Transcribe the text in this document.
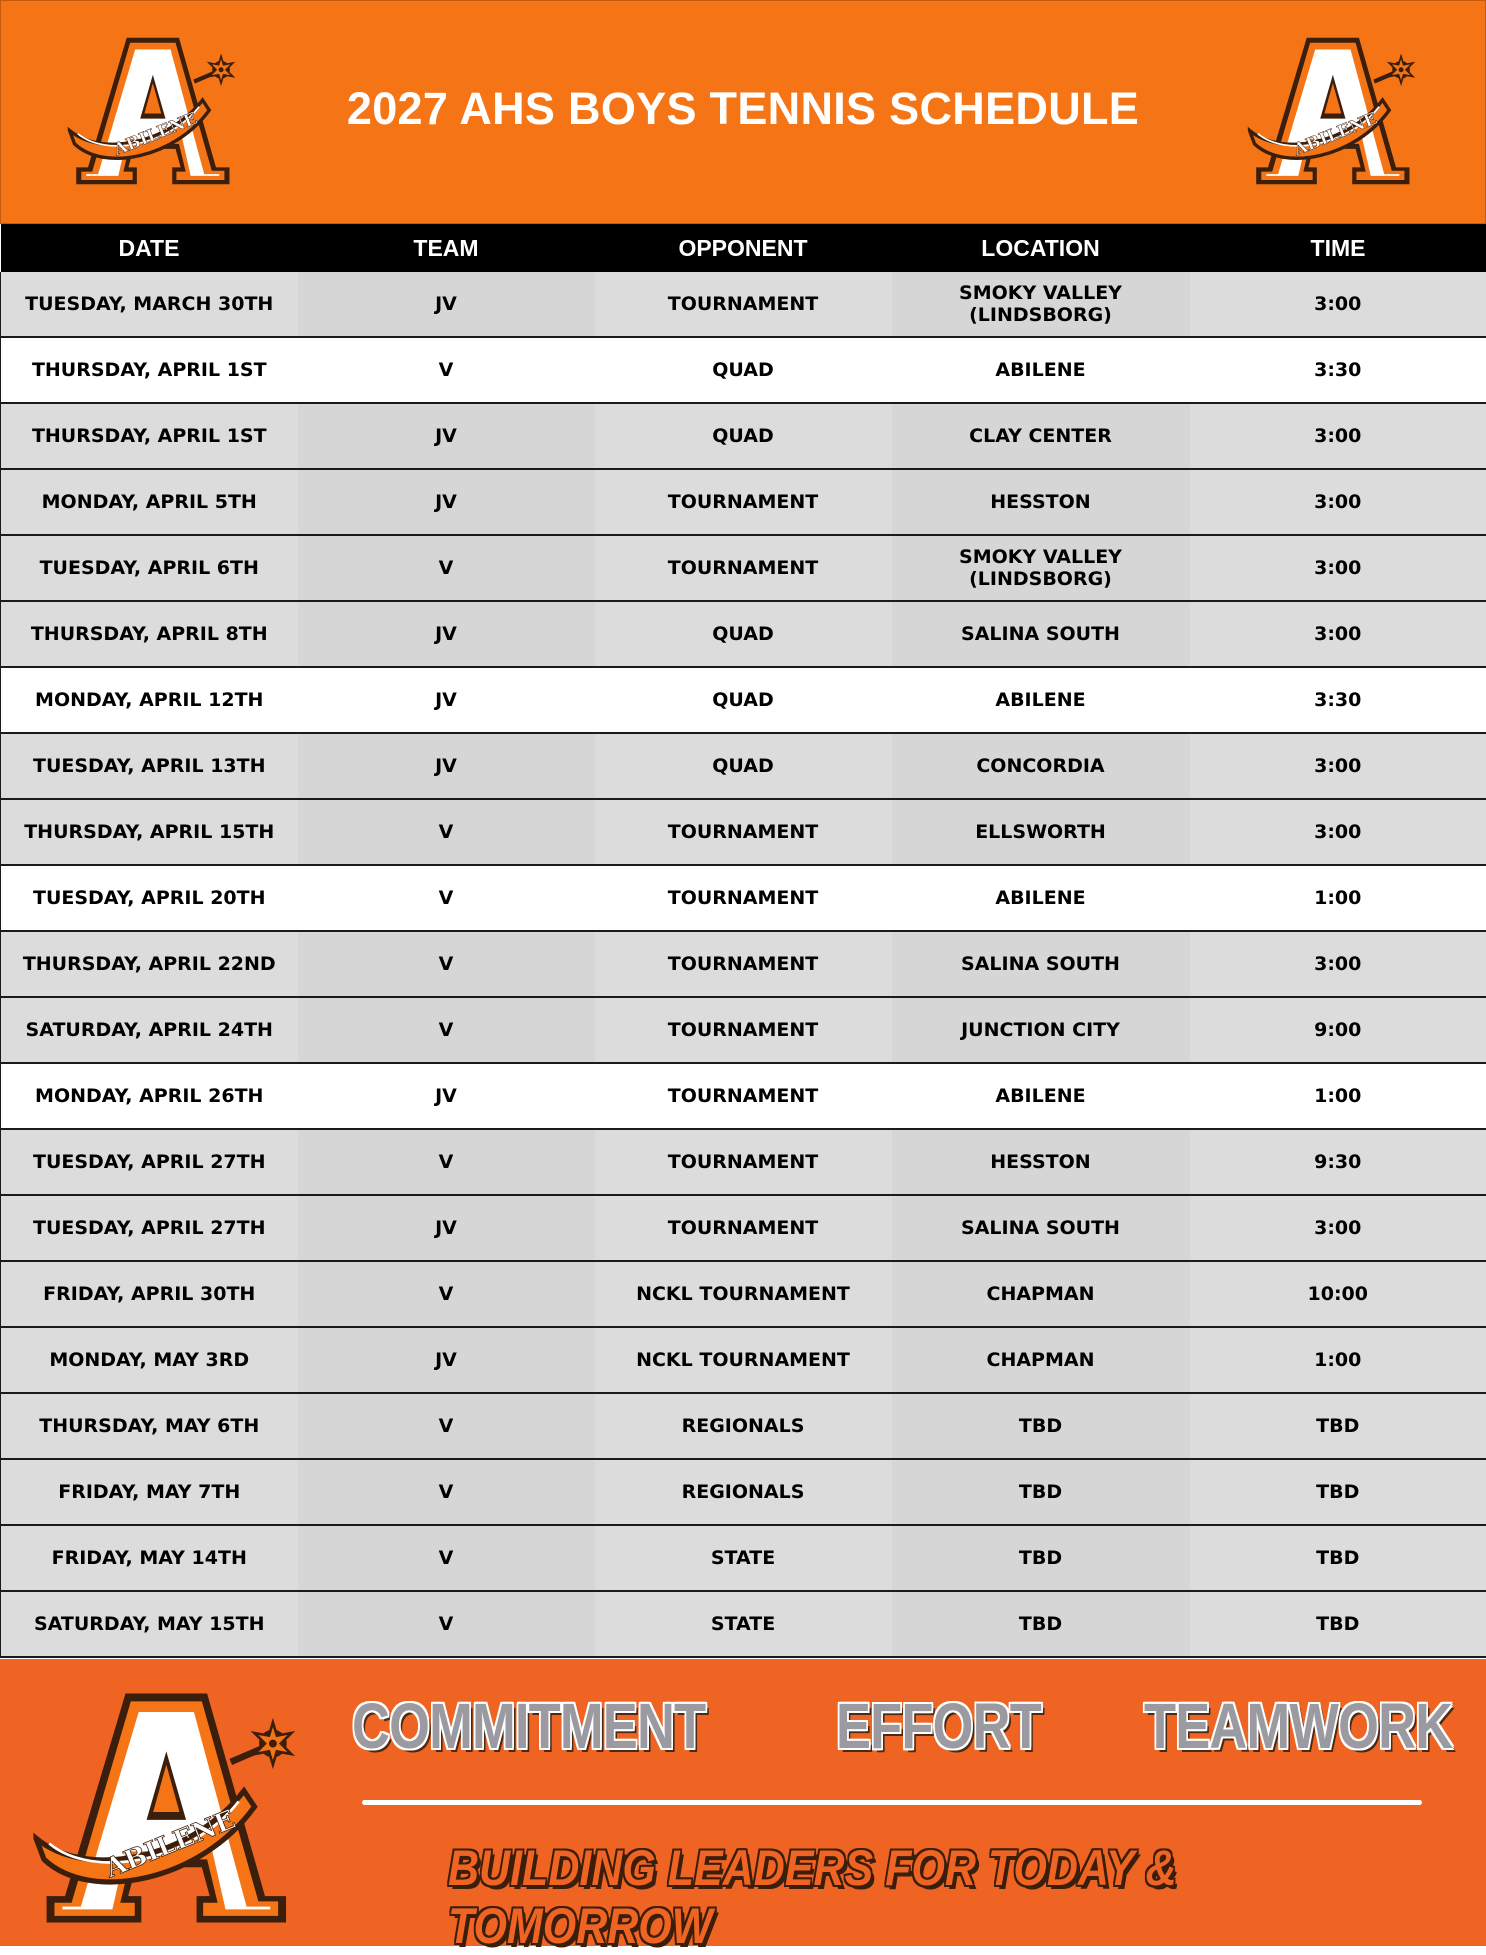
ABILENE	2027 AHS BOYS TENNIS SCHEDULE	ABILENE
DATE	TEAM	OPPONENT	LOCATION	TIME
TUESDAY, MARCH 30TH	JV	TOURNAMENT	SMOKY VALLEY (LINDSBORG)	3:00
THURSDAY, APRIL 1ST	V	QUAD	ABILENE	3:30
THURSDAY, APRIL 1ST	JV	QUAD	CLAY CENTER	3:00
MONDAY, APRIL 5TH	JV	TOURNAMENT	HESSTON	3:00
TUESDAY, APRIL 6TH	V	TOURNAMENT	SMOKY VALLEY (LINDSBORG)	3:00
THURSDAY, APRIL 8TH	JV	QUAD	SALINA SOUTH	3:00
MONDAY, APRIL 12TH	JV	QUAD	ABILENE	3:30
TUESDAY, APRIL 13TH	JV	QUAD	CONCORDIA	3:00
THURSDAY, APRIL 15TH	V	TOURNAMENT	ELLSWORTH	3:00
TUESDAY, APRIL 20TH	V	TOURNAMENT	ABILENE	1:00
THURSDAY, APRIL 22ND	V	TOURNAMENT	SALINA SOUTH	3:00
SATURDAY, APRIL 24TH	V	TOURNAMENT	JUNCTION CITY	9:00
MONDAY, APRIL 26TH	JV	TOURNAMENT	ABILENE	1:00
TUESDAY, APRIL 27TH	V	TOURNAMENT	HESSTON	9:30
TUESDAY, APRIL 27TH	JV	TOURNAMENT	SALINA SOUTH	3:00
FRIDAY, APRIL 30TH	V	NCKL TOURNAMENT	CHAPMAN	10:00
MONDAY, MAY 3RD	JV	NCKL TOURNAMENT	CHAPMAN	1:00
THURSDAY, MAY 6TH	V	REGIONALS	TBD	TBD
FRIDAY, MAY 7TH	V	REGIONALS	TBD	TBD
FRIDAY, MAY 14TH	V	STATE	TBD	TBD
SATURDAY, MAY 15TH	V	STATE	TBD	TBD
ABILENE
COMMITMENT EFFORT TEAMWORK
BUILDING LEADERS FOR TODAY & TOMORROW
